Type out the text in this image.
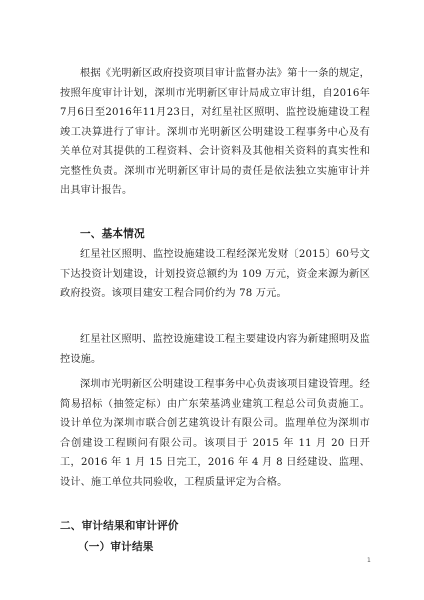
根据《光明新区政府投资项目审计监督办法》第十一条的规定，按照年度审计计划，深圳市光明新区审计局成立审计组，自2016年7月6日至2016年11月23日，对红星社区照明、监控设施建设工程竣工决算进行了审计。深圳市光明新区公明建设工程事务中心及有关单位对其提供的工程资料、会计资料及其他相关资料的真实性和完整性负责。深圳市光明新区审计局的责任是依法独立实施审计并出具审计报告。

一、基本情况

红星社区照明、监控设施建设工程经深光发财〔2015〕60号文下达投资计划建设，计划投资总额约为 109 万元，资金来源为新区政府投资。该项目建安工程合同价约为 78 万元。

红星社区照明、监控设施建设工程主要建设内容为新建照明及监控设施。

深圳市光明新区公明建设工程事务中心负责该项目建设管理。经简易招标（抽签定标）由广东荣基鸿业建筑工程总公司负责施工。设计单位为深圳市联合创艺建筑设计有限公司。监理单位为深圳市合创建设工程顾问有限公司。该项目于 2015 年 11 月 20 日开工，2016 年 1 月 15 日完工，2016 年 4 月 8 日经建设、监理、设计、施工单位共同验收，工程质量评定为合格。

二、审计结果和审计评价
（一）审计结果
1
